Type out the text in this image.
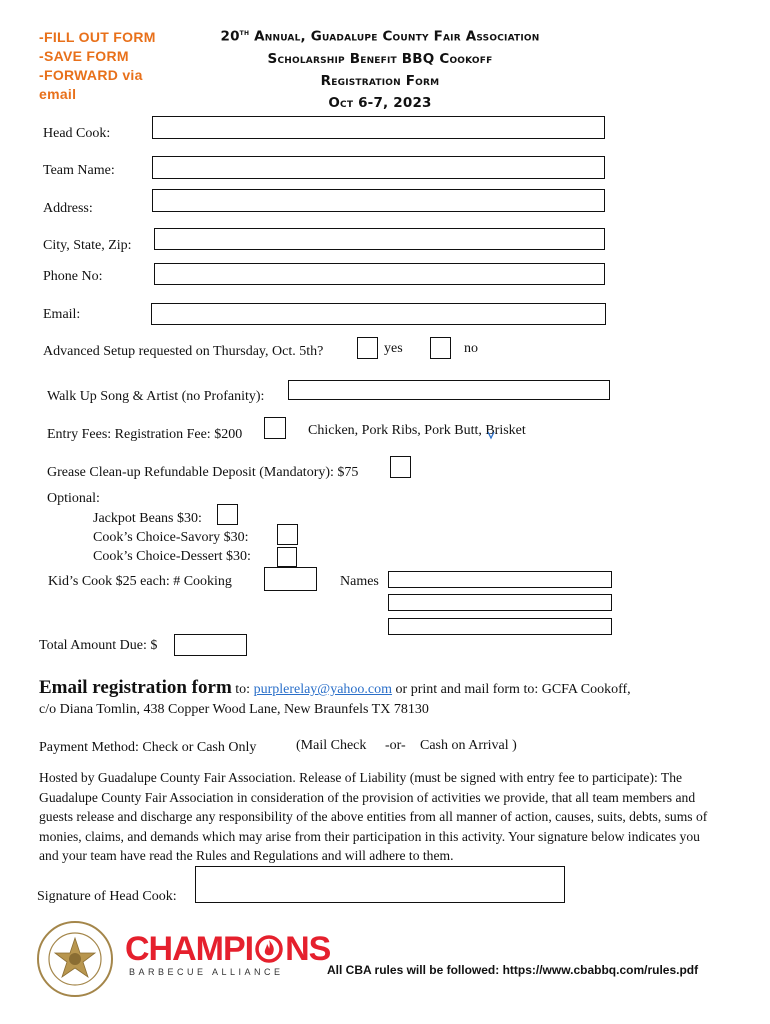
-FILL OUT FORM
-SAVE FORM
-FORWARD via
email
20th Annual, Guadalupe County Fair Association
Scholarship Benefit BBQ Cookoff
Registration Form
Oct 6-7, 2023
Head Cook:
Team Name:
Address:
City, State, Zip:
Phone No:
Email:
Advanced Setup requested on Thursday, Oct. 5th?	yes	no
Walk Up Song & Artist (no Profanity):
Entry Fees: Registration Fee: $200	Chicken, Pork Ribs, Pork Butt, Brisket
Grease Clean-up Refundable Deposit (Mandatory): $75
Optional:
Jackpot Beans $30:
Cook’s Choice-Savory $30:
Cook’s Choice-Dessert $30:
Kid’s Cook $25 each: # Cooking	Names
Total Amount Due: $
Email registration form to: purplerelay@yahoo.com or print and mail form to: GCFA Cookoff,
c/o Diana Tomlin, 438 Copper Wood Lane, New Braunfels TX 78130
Payment Method: Check or Cash Only	(Mail Check -or- Cash on Arrival )
Hosted by Guadalupe County Fair Association. Release of Liability (must be signed with entry fee to participate): The Guadalupe County Fair Association in consideration of the provision of activities we provide, that all team members and guests release and discharge any responsibility of the above entities from all manner of action, causes, suits, debts, sums of monies, claims, and demands which may arise from their participation in this activity. Your signature below indicates you and your team have read the Rules and Regulations and will adhere to them.
Signature of Head Cook:
CHAMPI NS
BARBECUE ALLIANCE	All CBA rules will be followed: https://www.cbabbq.com/rules.pdf
